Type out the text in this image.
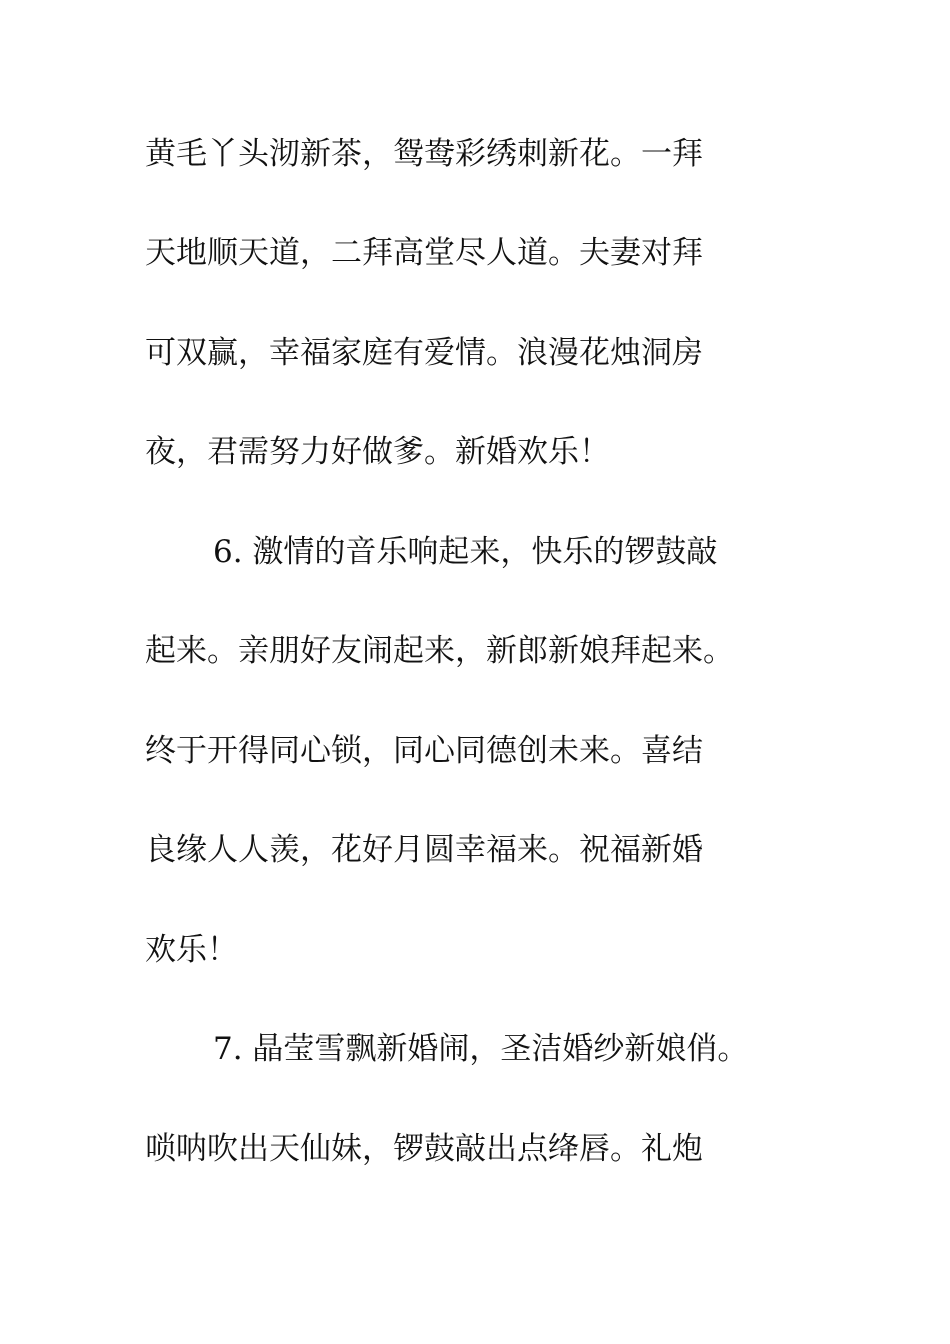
黄毛丫头沏新茶，鸳鸯彩绣刺新花。一拜
天地顺天道，二拜高堂尽人道。夫妻对拜
可双赢，幸福家庭有爱情。浪漫花烛洞房
夜，君需努力好做爹。新婚欢乐！
6. 激情的音乐响起来，快乐的锣鼓敲
起来。亲朋好友闹起来，新郎新娘拜起来。
终于开得同心锁，同心同德创未来。喜结
良缘人人羡，花好月圆幸福来。祝福新婚
欢乐！
7. 晶莹雪飘新婚闹，圣洁婚纱新娘俏。
唢呐吹出天仙妹，锣鼓敲出点绛唇。礼炮
